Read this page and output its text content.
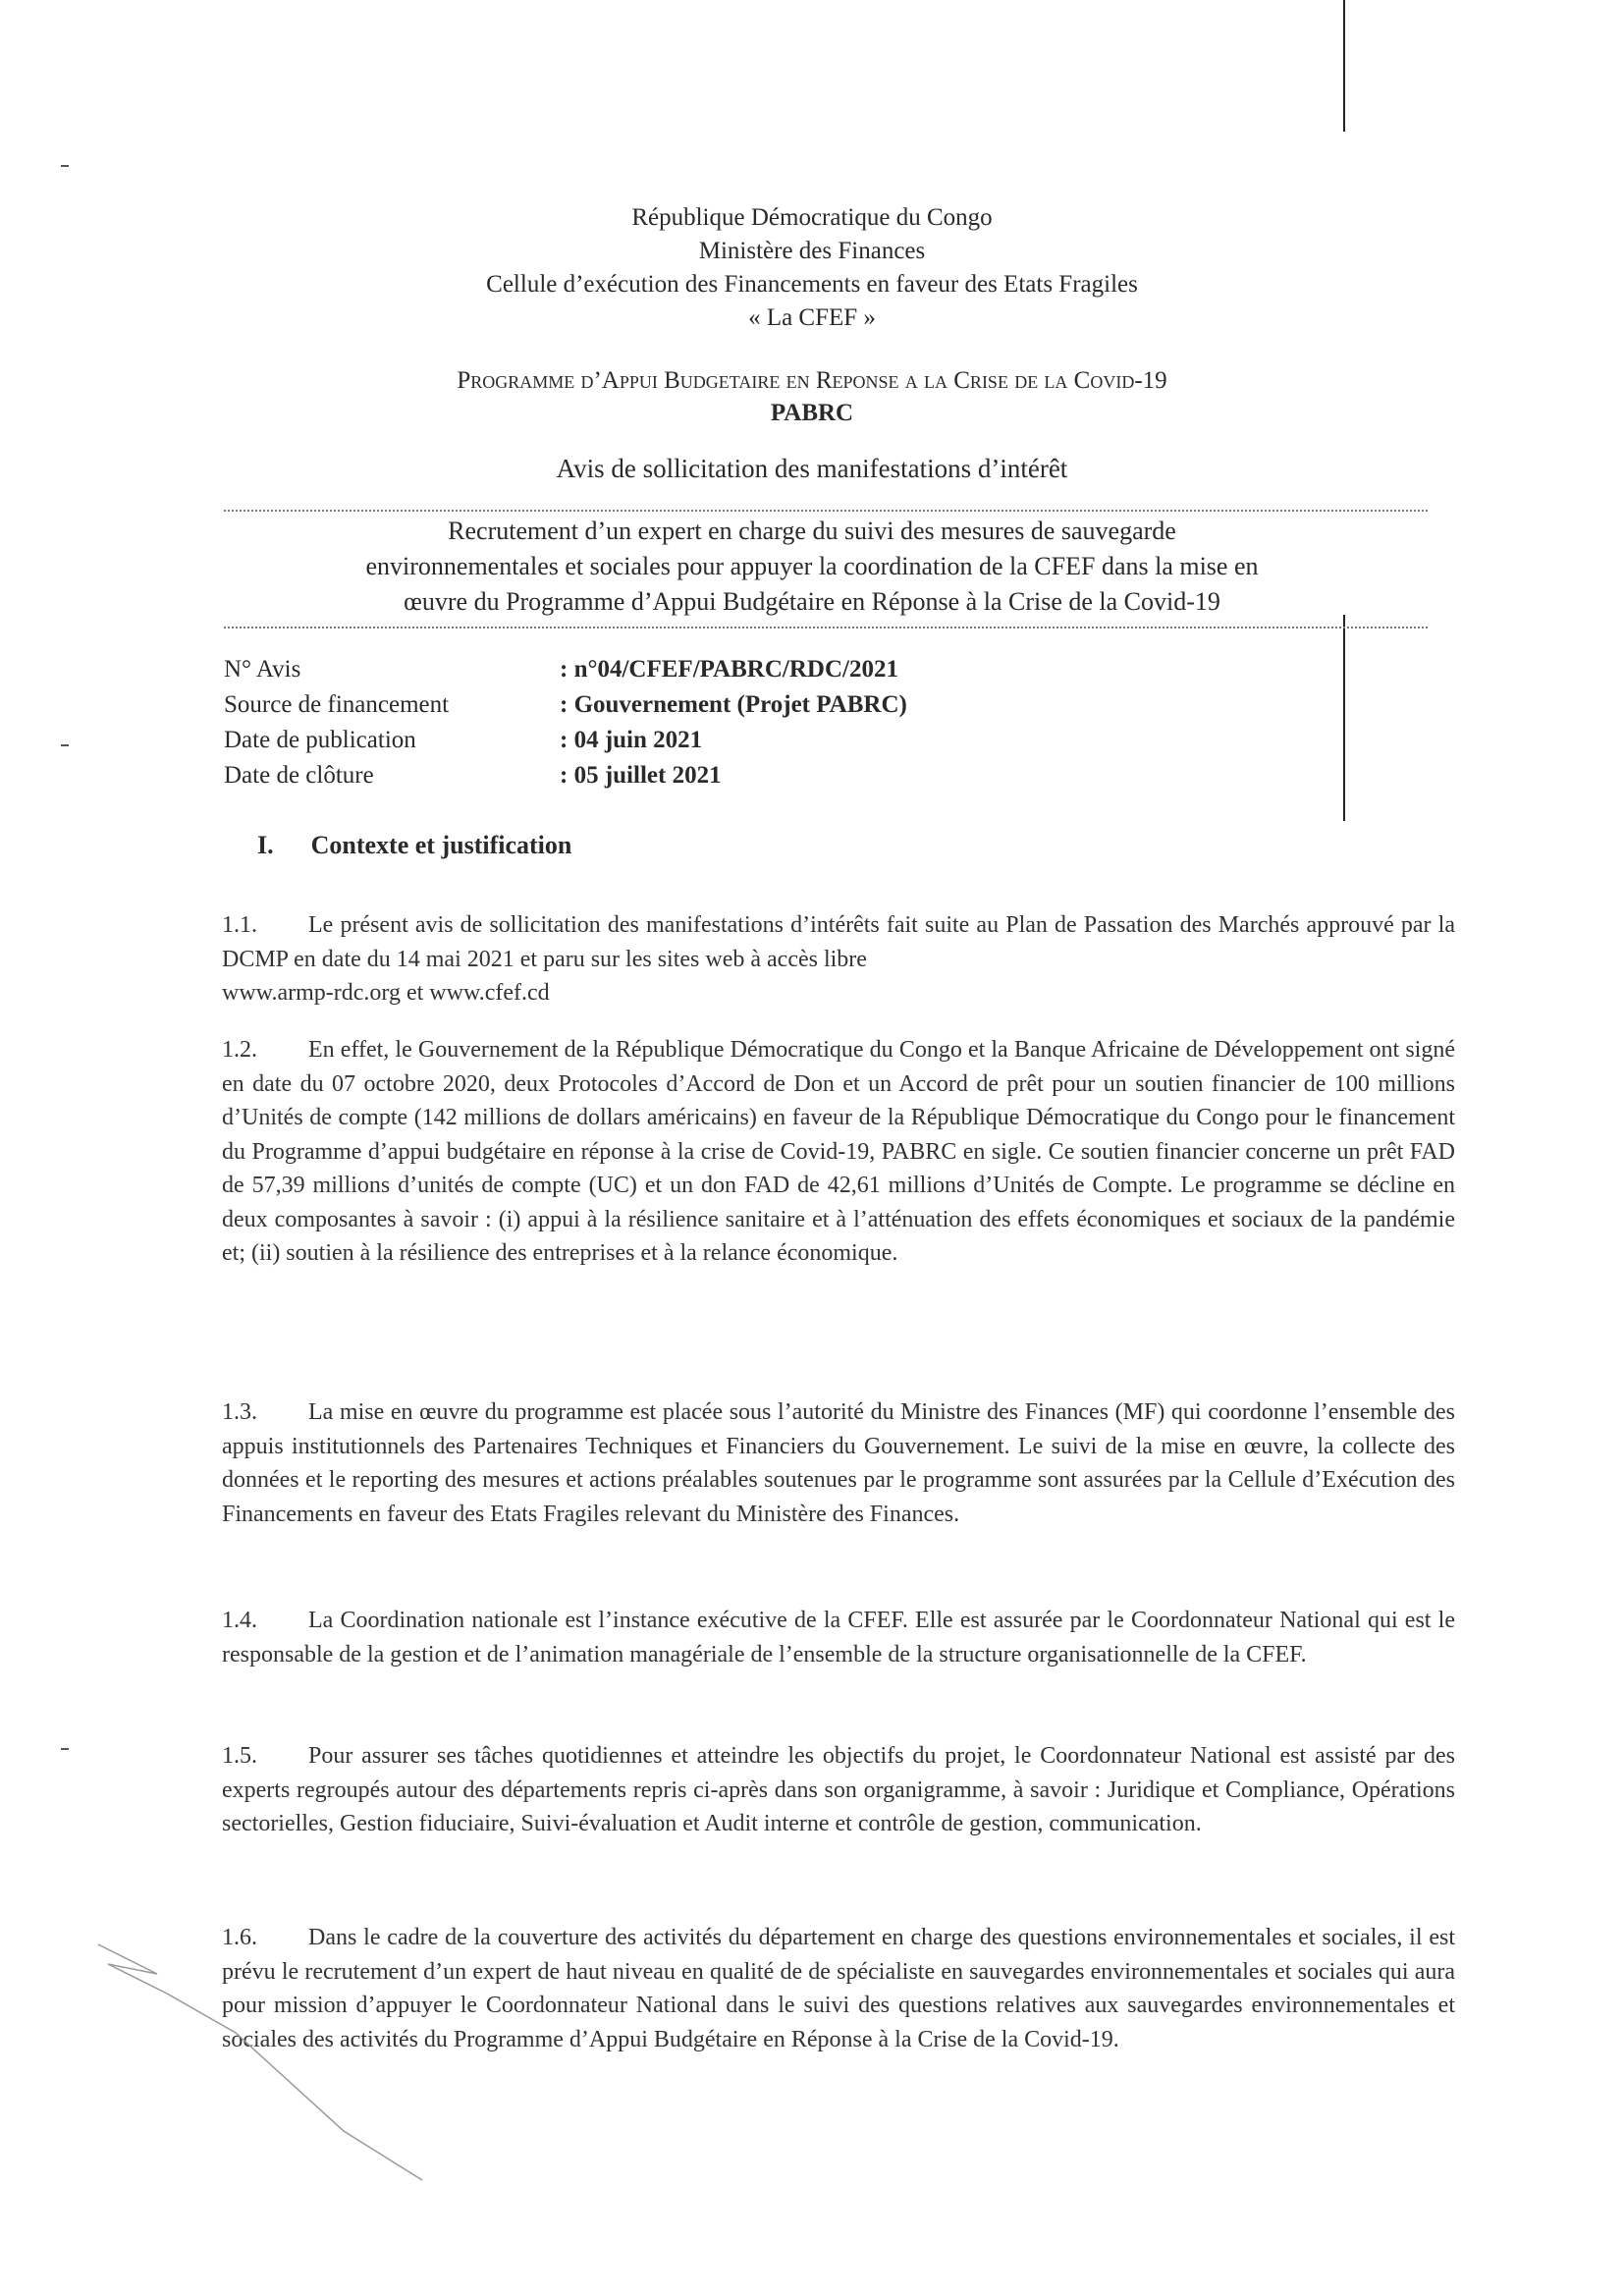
République Démocratique du Congo
Ministère des Finances
Cellule d’exécution des Financements en faveur des Etats Fragiles
« La CFEF »
Programme d’Appui Budgetaire en Reponse a la Crise de la Covid-19
PABRC
Avis de sollicitation des manifestations d’intérêt
Recrutement d’un expert en charge du suivi des mesures de sauvegarde
environnementales et sociales pour appuyer la coordination de la CFEF dans la mise en
œuvre du Programme d’Appui Budgétaire en Réponse à la Crise de la Covid-19
N° Avis	: n°04/CFEF/PABRC/RDC/2021
Source de financement	: Gouvernement (Projet PABRC)
Date de publication	: 04 juin 2021
Date de clôture	: 05 juillet 2021
I. Contexte et justification
1.1. Le présent avis de sollicitation des manifestations d’intérêts fait suite au Plan de Passation des Marchés approuvé par la DCMP en date du 14 mai 2021 et paru sur les sites web à accès libre
www.armp-rdc.org et www.cfef.cd
1.2. En effet, le Gouvernement de la République Démocratique du Congo et la Banque Africaine de Développement ont signé en date du 07 octobre 2020, deux Protocoles d’Accord de Don et un Accord de prêt pour un soutien financier de 100 millions d’Unités de compte (142 millions de dollars américains) en faveur de la République Démocratique du Congo pour le financement du Programme d’appui budgétaire en réponse à la crise de Covid-19, PABRC en sigle. Ce soutien financier concerne un prêt FAD de 57,39 millions d’unités de compte (UC) et un don FAD de 42,61 millions d’Unités de Compte. Le programme se décline en deux composantes à savoir : (i) appui à la résilience sanitaire et à l’atténuation des effets économiques et sociaux de la pandémie et; (ii) soutien à la résilience des entreprises et à la relance économique.
1.3. La mise en œuvre du programme est placée sous l’autorité du Ministre des Finances (MF) qui coordonne l’ensemble des appuis institutionnels des Partenaires Techniques et Financiers du Gouvernement. Le suivi de la mise en œuvre, la collecte des données et le reporting des mesures et actions préalables soutenues par le programme sont assurées par la Cellule d’Exécution des Financements en faveur des Etats Fragiles relevant du Ministère des Finances.
1.4. La Coordination nationale est l’instance exécutive de la CFEF. Elle est assurée par le Coordonnateur National qui est le responsable de la gestion et de l’animation managériale de l’ensemble de la structure organisationnelle de la CFEF.
1.5. Pour assurer ses tâches quotidiennes et atteindre les objectifs du projet, le Coordonnateur National est assisté par des experts regroupés autour des départements repris ci-après dans son organigramme, à savoir : Juridique et Compliance, Opérations sectorielles, Gestion fiduciaire, Suivi-évaluation et Audit interne et contrôle de gestion, communication.
1.6. Dans le cadre de la couverture des activités du département en charge des questions environnementales et sociales, il est prévu le recrutement d’un expert de haut niveau en qualité de de spécialiste en sauvegardes environnementales et sociales qui aura pour mission d’appuyer le Coordonnateur National dans le suivi des questions relatives aux sauvegardes environnementales et sociales des activités du Programme d’Appui Budgétaire en Réponse à la Crise de la Covid-19.
